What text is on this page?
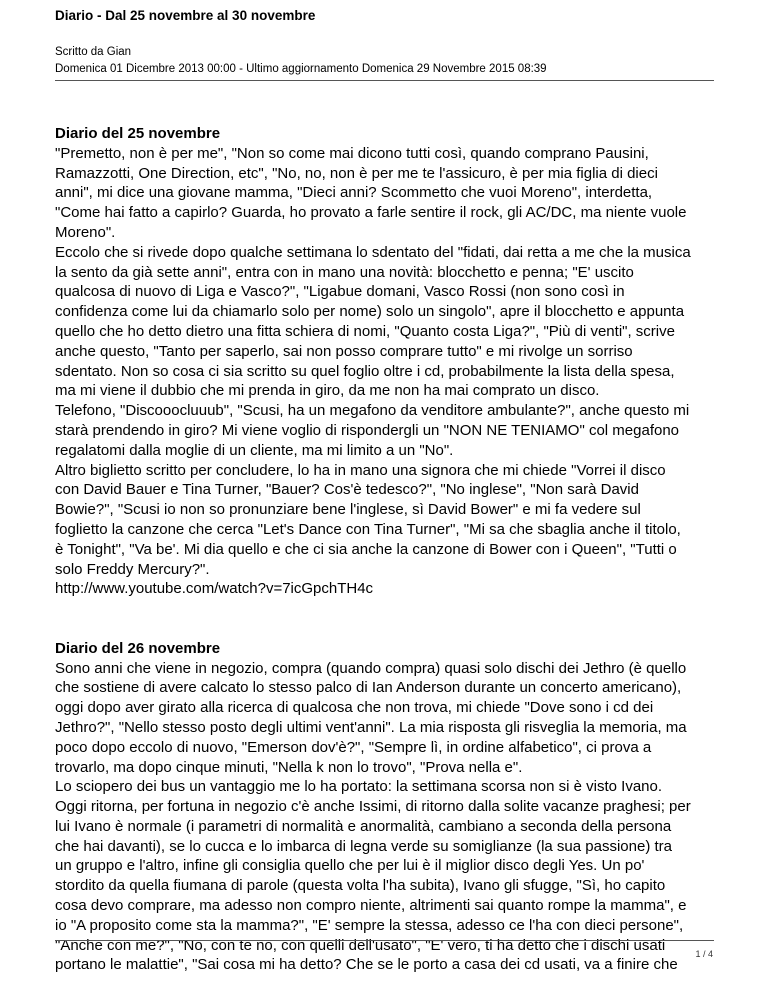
Diario - Dal 25 novembre al 30 novembre
Scritto da Gian
Domenica 01 Dicembre 2013 00:00 - Ultimo aggiornamento Domenica 29 Novembre 2015 08:39
Diario del 25 novembre
"Premetto, non è per me", "Non so come mai dicono tutti così, quando comprano Pausini,
Ramazzotti, One Direction, etc", "No, no, non è per me te l'assicuro, è per mia figlia di dieci
anni", mi dice una giovane mamma, "Dieci anni? Scommetto che vuoi Moreno", interdetta,
"Come hai fatto a capirlo? Guarda, ho provato a farle sentire il rock, gli AC/DC, ma niente vuole
Moreno".
Eccolo che si rivede dopo qualche settimana lo sdentato del "fidati, dai retta a me che la musica
la sento da già sette anni", entra con in mano una novità: blocchetto e penna; "E' uscito
qualcosa di nuovo di Liga e Vasco?", "Ligabue domani, Vasco Rossi (non sono così in
confidenza come lui da chiamarlo solo per nome) solo un singolo", apre il blocchetto e appunta
quello che ho detto dietro una fitta schiera di nomi, "Quanto costa Liga?", "Più di venti", scrive
anche questo, "Tanto per saperlo, sai non posso comprare tutto" e mi rivolge un sorriso
sdentato. Non so cosa ci sia scritto su quel foglio oltre i cd, probabilmente la lista della spesa,
ma mi viene il dubbio che mi prenda in giro, da me non ha mai comprato un disco.
Telefono, "Discooocluuub", "Scusi, ha un megafono da venditore ambulante?", anche questo mi
starà prendendo in giro? Mi viene voglio di rispondergli un "NON NE TENIAMO" col megafono
regalatomi dalla moglie di un cliente, ma mi limito a un "No".
Altro biglietto scritto per concludere, lo ha in mano una signora che mi chiede "Vorrei il disco
con David Bauer e Tina Turner, "Bauer? Cos'è tedesco?", "No inglese", "Non sarà David
Bowie?", "Scusi io non so pronunziare bene l'inglese, sì David Bower" e mi fa vedere sul
foglietto la canzone che cerca "Let's Dance con Tina Turner", "Mi sa che sbaglia anche il titolo,
è Tonight", "Va be'. Mi dia quello e che ci sia anche la canzone di Bower con i Queen", "Tutti o
solo Freddy Mercury?".
http://www.youtube.com/watch?v=7icGpchTH4c
Diario del 26 novembre
Sono anni che viene in negozio, compra (quando compra) quasi solo dischi dei Jethro (è quello
che sostiene di avere calcato lo stesso palco di Ian Anderson durante un concerto americano),
oggi dopo aver girato alla ricerca di qualcosa che non trova, mi chiede "Dove sono i cd dei
Jethro?", "Nello stesso posto degli ultimi vent'anni". La mia risposta gli risveglia la memoria, ma
poco dopo eccolo di nuovo, "Emerson dov'è?", "Sempre lì, in ordine alfabetico", ci prova a
trovarlo, ma dopo cinque minuti, "Nella k non lo trovo", "Prova nella e".
Lo sciopero dei bus un vantaggio me lo ha portato: la settimana scorsa non si è visto Ivano.
Oggi ritorna, per fortuna in negozio c'è anche Issimi, di ritorno dalla solite vacanze praghesi; per
lui Ivano è normale (i parametri di normalità e anormalità, cambiano a seconda della persona
che hai davanti), se lo cucca e lo imbarca di legna verde su somiglianze (la sua passione) tra
un gruppo e l'altro, infine gli consiglia quello che per lui è il miglior disco degli Yes. Un po'
stordito da quella fiumana di parole (questa volta l'ha subita), Ivano gli sfugge, "Sì, ho capito
cosa devo comprare, ma adesso non compro niente, altrimenti sai quanto rompe la mamma", e
io "A proposito come sta la mamma?", "E' sempre la stessa, adesso ce l'ha con dieci persone",
"Anche con me?", "No, con te no, con quelli dell'usato", "E' vero, ti ha detto che i dischi usati
portano le malattie", "Sai cosa mi ha detto? Che se le porto a casa dei cd usati, va a finire che
1 / 4
